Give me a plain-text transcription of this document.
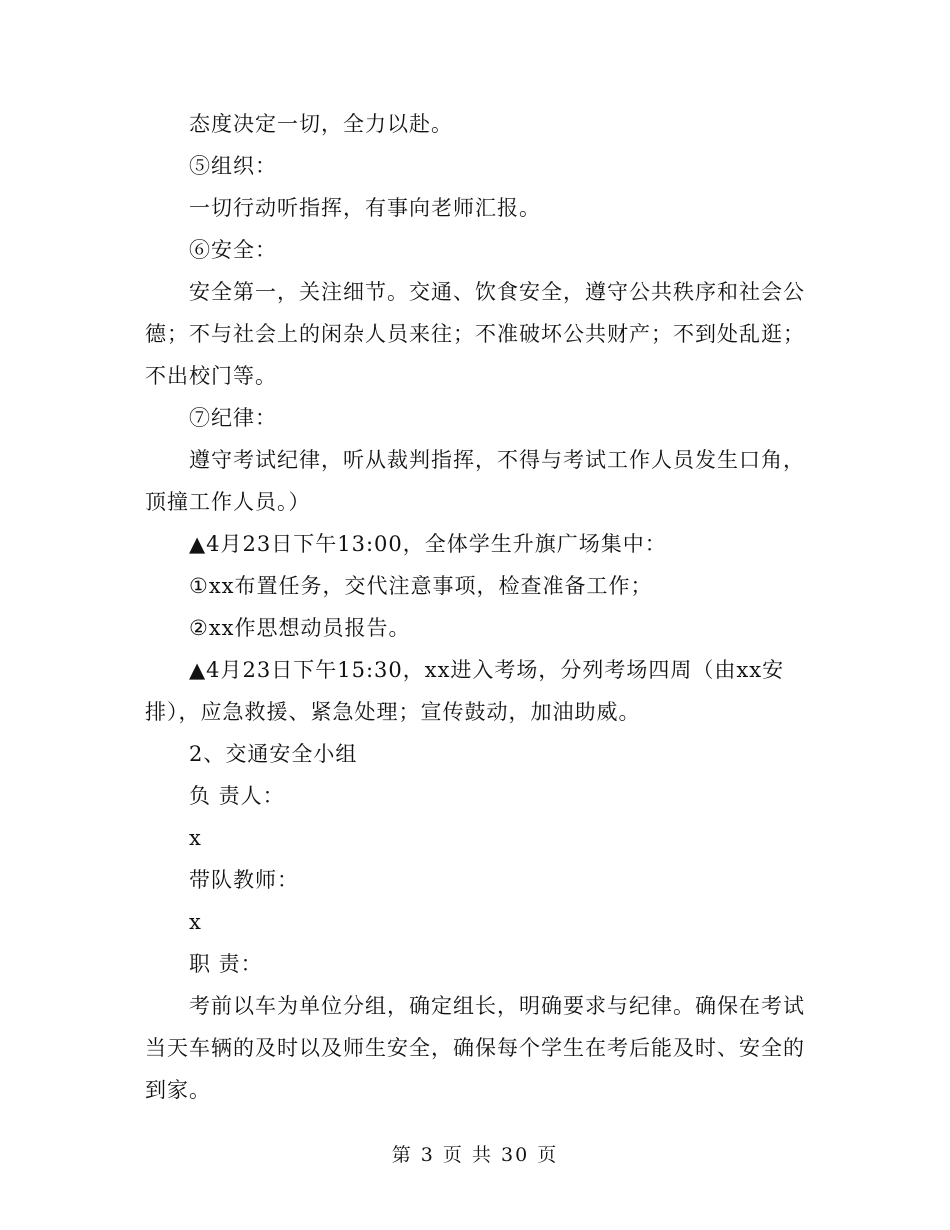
态度决定一切，全力以赴。

⑤组织：

一切行动听指挥，有事向老师汇报。

⑥安全：

安全第一，关注细节。交通、饮食安全，遵守公共秩序和社会公德；不与社会上的闲杂人员来往；不准破坏公共财产；不到处乱逛；不出校门等。

⑦纪律：

遵守考试纪律，听从裁判指挥，不得与考试工作人员发生口角，顶撞工作人员。）

▲4月23日下午13:00，全体学生升旗广场集中：

①xx布置任务，交代注意事项，检查准备工作；

②xx作思想动员报告。

▲4月23日下午15:30，xx进入考场，分列考场四周（由xx安排），应急救援、紧急处理；宣传鼓动，加油助威。

2、交通安全小组

负 责人：

x

带队教师：

x

职 责：

考前以车为单位分组，确定组长，明确要求与纪律。确保在考试当天车辆的及时以及师生安全，确保每个学生在考后能及时、安全的到家。

第 3 页 共 30 页
